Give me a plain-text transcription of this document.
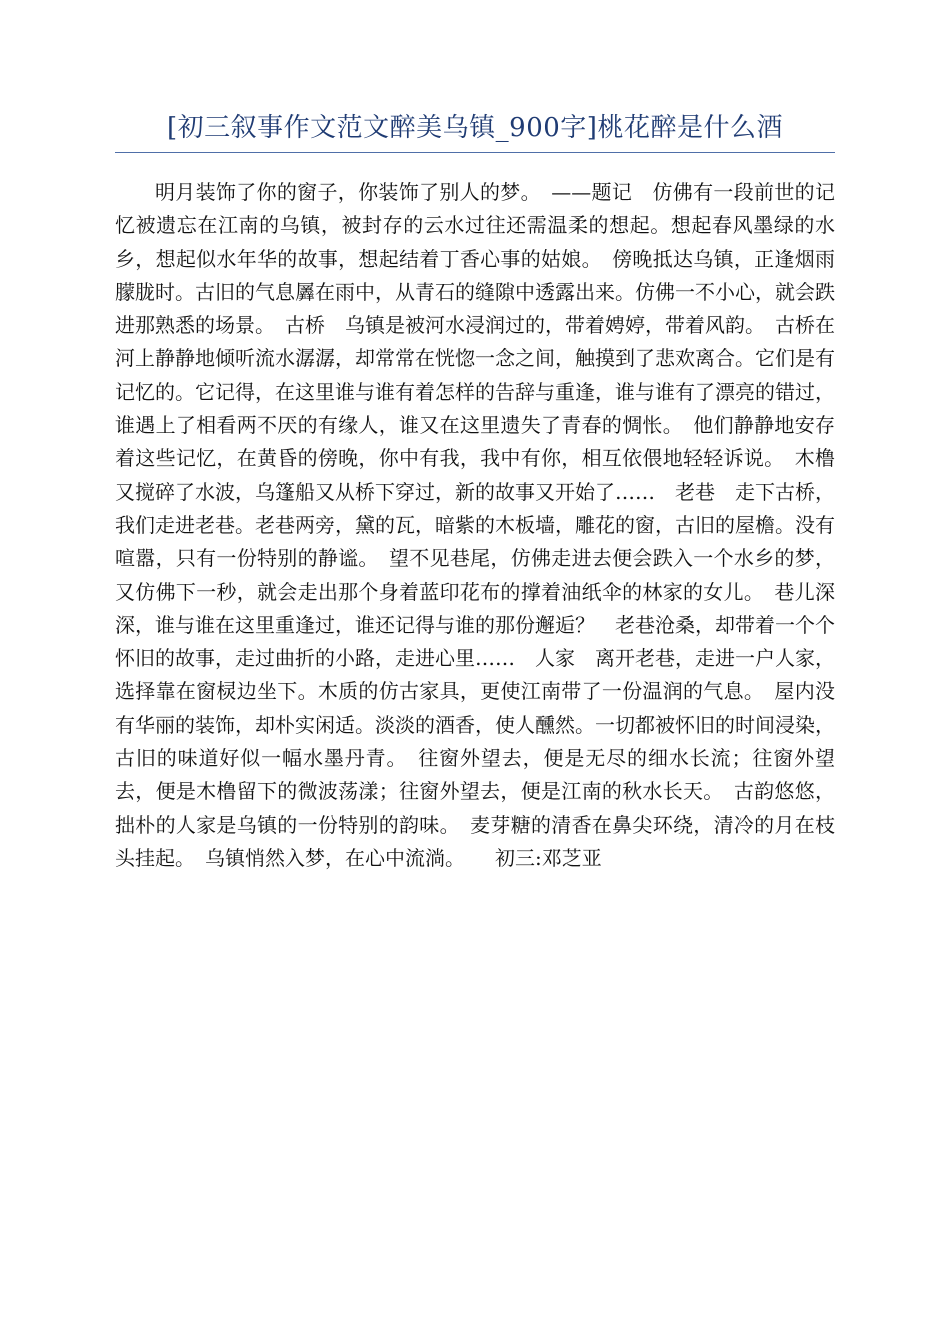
[初三叙事作文范文醉美乌镇_900字]桃花醉是什么酒

明月装饰了你的窗子，你装饰了别人的梦。　——题记　仿佛有一段前世的记忆被遗忘在江南的乌镇，被封存的云水过往还需温柔的想起。想起春风墨绿的水乡，想起似水年华的故事，想起结着丁香心事的姑娘。　傍晚抵达乌镇，正逢烟雨朦胧时。古旧的气息羼在雨中，从青石的缝隙中透露出来。仿佛一不小心，就会跌进那熟悉的场景。　古桥　乌镇是被河水浸润过的，带着娉婷，带着风韵。　古桥在河上静静地倾听流水潺潺，却常常在恍惚一念之间，触摸到了悲欢离合。它们是有记忆的。它记得，在这里谁与谁有着怎样的告辞与重逢，谁与谁有了漂亮的错过，谁遇上了相看两不厌的有缘人，谁又在这里遗失了青春的惆怅。　他们静静地安存着这些记忆，在黄昏的傍晚，你中有我，我中有你，相互依偎地轻轻诉说。　木橹又搅碎了水波，乌篷船又从桥下穿过，新的故事又开始了……　老巷　走下古桥，我们走进老巷。老巷两旁，黛的瓦，暗紫的木板墙，雕花的窗，古旧的屋檐。没有喧嚣，只有一份特别的静谧。　望不见巷尾，仿佛走进去便会跌入一个水乡的梦，又仿佛下一秒，就会走出那个身着蓝印花布的撑着油纸伞的林家的女儿。　巷儿深深，谁与谁在这里重逢过，谁还记得与谁的那份邂逅？　老巷沧桑，却带着一个个怀旧的故事，走过曲折的小路，走进心里……　人家　离开老巷，走进一户人家，选择靠在窗棂边坐下。木质的仿古家具，更使江南带了一份温润的气息。　屋内没有华丽的装饰，却朴实闲适。淡淡的酒香，使人醺然。一切都被怀旧的时间浸染，古旧的味道好似一幅水墨丹青。　往窗外望去，便是无尽的细水长流；往窗外望去，便是木橹留下的微波荡漾；往窗外望去，便是江南的秋水长天。　古韵悠悠，拙朴的人家是乌镇的一份特别的韵味。　麦芽糖的清香在鼻尖环绕，清冷的月在枝头挂起。　乌镇悄然入梦，在心中流淌。　　初三:邓芝亚
